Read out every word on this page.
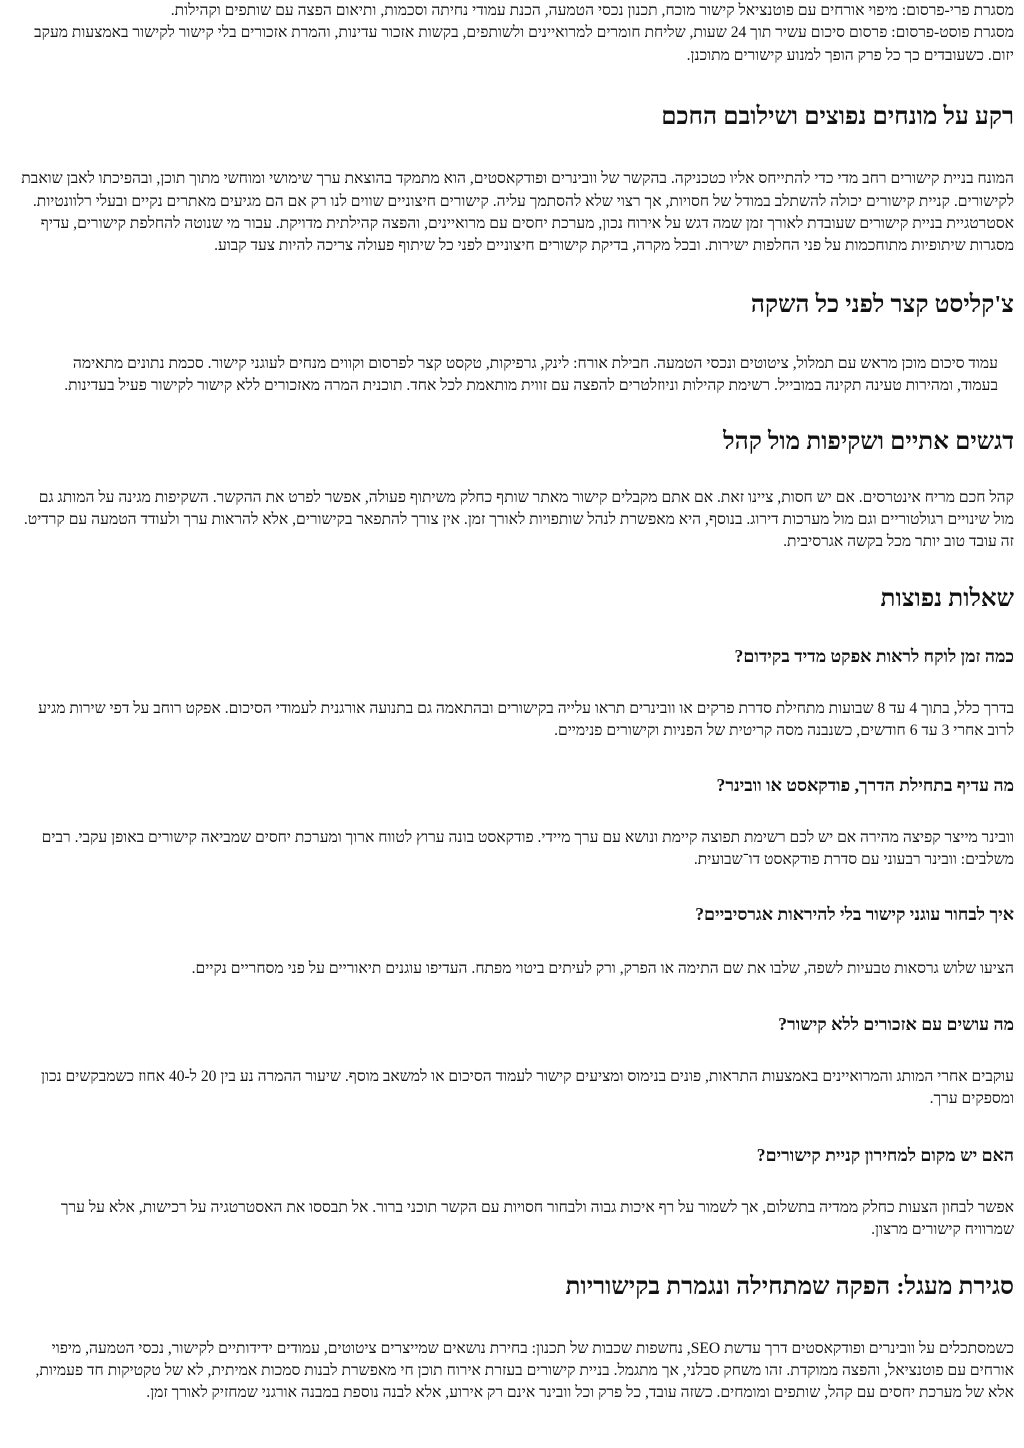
מסגרת פרי-פרסום: מיפוי אורחים עם פוטנציאל קישור מוכח, תכנון נכסי הטמעה, הכנת עמודי נחיתה וסכמות, ותיאום הפצה עם שותפים וקהילות.

מסגרת פוסט-פרסום: פרסום סיכום עשיר תוך 24 שעות, שליחת חומרים למרואיינים ולשותפים, בקשות אזכור עדינות, והמרת אזכורים בלי קישור לקישור באמצעות מעקב יזום. כשעובדים כך כל פרק הופך למנוע קישורים מתוכנן.

רקע על מונחים נפוצים ושילובם החכם

המונח בניית קישורים רחב מדי כדי להתייחס אליו כטכניקה. בהקשר של וובינרים ופודקאסטים, הוא מתמקד בהוצאת ערך שימושי ומוחשי מתוך תוכן, ובהפיכתו לאבן שואבת לקישורים. קניית קישורים יכולה להשתלב במודל של חסויות, אך רצוי שלא להסתמך עליה. קישורים חיצוניים שווים לנו רק אם הם מגיעים מאתרים נקיים ובעלי רלוונטיות. אסטרטגיית בניית קישורים שעובדת לאורך זמן שמה דגש על אירוח נכון, מערכת יחסים עם מרואיינים, והפצה קהילתית מדויקת. עבור מי שנוטה להחלפת קישורים, עדיף מסגרות שיתופיות מתוחכמות על פני החלפות ישירות. ובכל מקרה, בדיקת קישורים חיצוניים לפני כל שיתוף פעולה צריכה להיות צעד קבוע.

צ'קליסט קצר לפני כל השקה

עמוד סיכום מוכן מראש עם תמלול, ציטוטים ונכסי הטמעה. חבילת אורח: לינק, גרפיקות, טקסט קצר לפרסום וקווים מנחים לעוגני קישור. סכמת נתונים מתאימה בעמוד, ומהירות טעינה תקינה במובייל. רשימת קהילות וניוזלטרים להפצה עם זווית מותאמת לכל אחד. תוכנית המרה מאזכורים ללא קישור לקישור פעיל בעדינות.

דגשים אתיים ושקיפות מול קהל

קהל חכם מריח אינטרסים. אם יש חסות, ציינו זאת. אם אתם מקבלים קישור מאתר שותף כחלק משיתוף פעולה, אפשר לפרט את ההקשר. השקיפות מגינה על המותג גם מול שינויים רגולטוריים וגם מול מערכות דירוג. בנוסף, היא מאפשרת לנהל שותפויות לאורך זמן. אין צורך להתפאר בקישורים, אלא להראות ערך ולעודד הטמעה עם קרדיט. זה עובד טוב יותר מכל בקשה אגרסיבית.

שאלות נפוצות
כמה זמן לוקח לראות אפקט מדיד בקידום?

בדרך כלל, בתוך 4 עד 8 שבועות מתחילת סדרת פרקים או וובינרים תראו עלייה בקישורים ובהתאמה גם בתנועה אורגנית לעמודי הסיכום. אפקט רוחב על דפי שירות מגיע לרוב אחרי 3 עד 6 חודשים, כשנבנה מסה קריטית של הפניות וקישורים פנימיים.

מה עדיף בתחילת הדרך, פודקאסט או וובינר?

וובינר מייצר קפיצה מהירה אם יש לכם רשימת תפוצה קיימת ונושא עם ערך מיידי. פודקאסט בונה ערוץ לטווח ארוך ומערכת יחסים שמביאה קישורים באופן עקבי. רבים משלבים: וובינר רבעוני עם סדרת פודקאסט דו־שבועית.

איך לבחור עוגני קישור בלי להיראות אגרסיביים?

הציעו שלוש גרסאות טבעיות לשפה, שלבו את שם התימה או הפרק, ורק לעיתים ביטוי מפתח. העדיפו עוגנים תיאוריים על פני מסחריים נקיים.

מה עושים עם אזכורים ללא קישור?

עוקבים אחרי המותג והמרואיינים באמצעות התראות, פונים בנימוס ומציעים קישור לעמוד הסיכום או למשאב מוסף. שיעור ההמרה נע בין 20 ל-40 אחוז כשמבקשים נכון ומספקים ערך.

האם יש מקום למחירון קניית קישורים?

אפשר לבחון הצעות כחלק ממדיה בתשלום, אך לשמור על רף איכות גבוה ולבחור חסויות עם הקשר תוכני ברור. אל תבססו את האסטרטגיה על רכישות, אלא על ערך שמרוויח קישורים מרצון.

סגירת מעגל: הפקה שמתחילה ונגמרת בקישוריות

כשמסתכלים על וובינרים ופודקאסטים דרך עדשת SEO, נחשפות שכבות של תכנון: בחירת נושאים שמייצרים ציטוטים, עמודים ידידותיים לקישור, נכסי הטמעה, מיפוי אורחים עם פוטנציאל, והפצה ממוקדת. זהו משחק סבלני, אך מתגמל. בניית קישורים בעזרת אירוח תוכן חי מאפשרת לבנות סמכות אמיתית, לא של טקטיקות חד פעמיות, אלא של מערכת יחסים עם קהל, שותפים ומומחים. כשזה עובד, כל פרק וכל וובינר אינם רק אירוע, אלא לבנה נוספת במבנה אורגני שמחזיק לאורך זמן.
